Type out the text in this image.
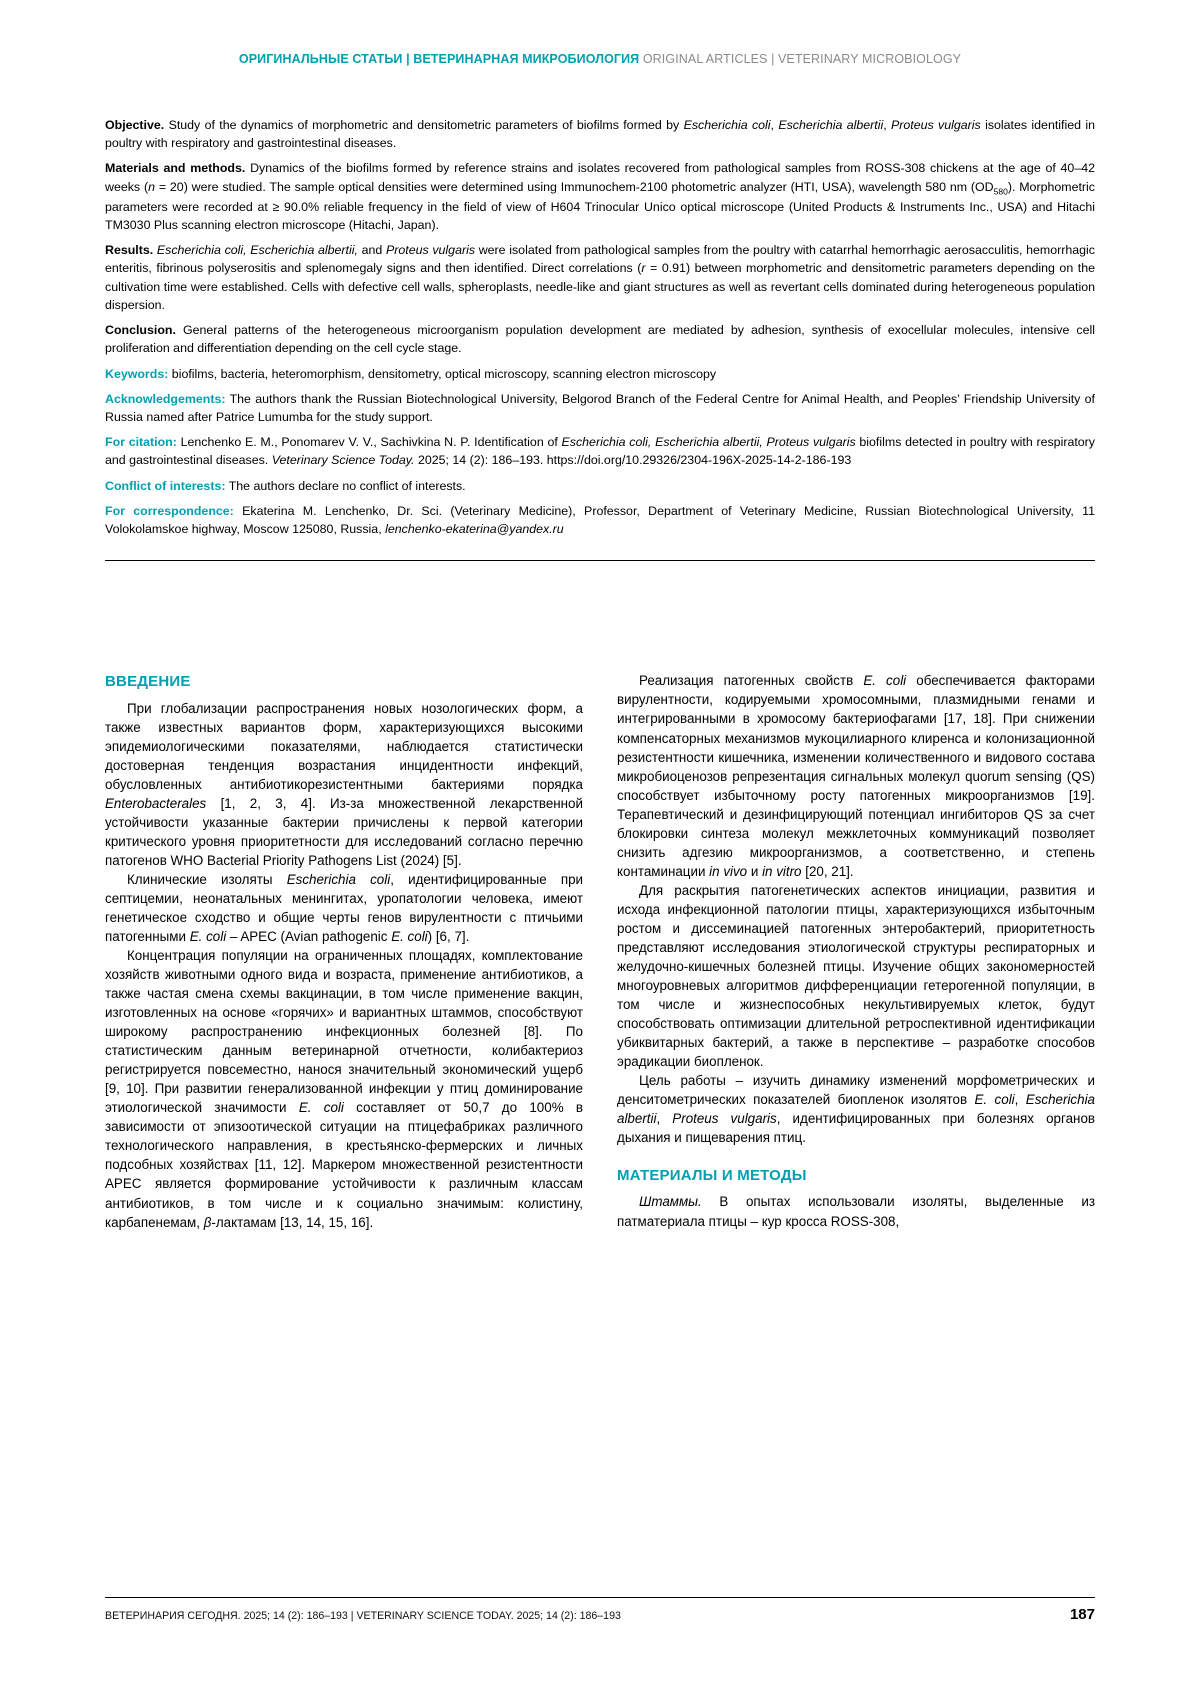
ОРИГИНАЛЬНЫЕ СТАТЬИ | ВЕТЕРИНАРНАЯ МИКРОБИОЛОГИЯ ORIGINAL ARTICLES | VETERINARY MICROBIOLOGY

Objective. Study of the dynamics of morphometric and densitometric parameters of biofilms formed by Escherichia coli, Escherichia albertii, Proteus vulgaris isolates identified in poultry with respiratory and gastrointestinal diseases.

Materials and methods. Dynamics of the biofilms formed by reference strains and isolates recovered from pathological samples from ROSS-308 chickens at the age of 40–42 weeks (n = 20) were studied. The sample optical densities were determined using Immunochem-2100 photometric analyzer (HTI, USA), wavelength 580 nm $(OD_{580})$. Morphometric parameters were recorded at ≥ 90.0% reliable frequency in the field of view of H604 Trinocular Unico optical microscope (United Products & Instruments Inc., USA) and Hitachi TM3030 Plus scanning electron microscope (Hitachi, Japan).

Results. Escherichia coli, Escherichia albertii, and Proteus vulgaris were isolated from pathological samples from the poultry with catarrhal hemorrhagic aerosacculitis, hemorrhagic enteritis, fibrinous polyserositis and splenomegaly signs and then identified. Direct correlations (r = 0.91) between morphometric and densitometric parameters depending on the cultivation time were established. Cells with defective cell walls, spheroplasts, needle-like and giant structures as well as revertant cells dominated during heterogeneous population dispersion.

Conclusion. General patterns of the heterogeneous microorganism population development are mediated by adhesion, synthesis of exocellular molecules, intensive cell proliferation and differentiation depending on the cell cycle stage.

Keywords: biofilms, bacteria, heteromorphism, densitometry, optical microscopy, scanning electron microscopy

Acknowledgements: The authors thank the Russian Biotechnological University, Belgorod Branch of the Federal Centre for Animal Health, and Peoples’ Friendship University of Russia named after Patrice Lumumba for the study support.

For citation: Lenchenko E. M., Ponomarev V. V., Sachivkina N. P. Identification of Escherichia coli, Escherichia albertii, Proteus vulgaris biofilms detected in poultry with respiratory and gastrointestinal diseases. Veterinary Science Today. 2025; 14 (2): 186–193. https://doi.org/10.29326/2304-196X-2025-14-2-186-193

Conflict of interests: The authors declare no conflict of interests.

For correspondence: Ekaterina M. Lenchenko, Dr. Sci. (Veterinary Medicine), Professor, Department of Veterinary Medicine, Russian Biotechnological University, 11 Volokolamskoe highway, Moscow 125080, Russia, lenchenko-ekaterina@yandex.ru

ВВЕДЕНИЕ

При глобализации распространения новых нозологических форм, а также известных вариантов форм, характеризующихся высокими эпидемиологическими показателями, наблюдается статистически достоверная тенденция возрастания инцидентности инфекций, обусловленных антибиотикорезистентными бактериями порядка Enterobacterales [1, 2, 3, 4]. Из-за множественной лекарственной устойчивости указанные бактерии причислены к первой категории критического уровня приоритетности для исследований согласно перечню патогенов WHO Bacterial Priority Pathogens List (2024) [5].

Клинические изоляты Escherichia coli, идентифицированные при септицемии, неонатальных менингитах, уропатологии человека, имеют генетическое сходство и общие черты генов вирулентности с птичьими патогенными E. coli – APEC (Avian pathogenic E. coli) [6, 7].

Концентрация популяции на ограниченных площадях, комплектование хозяйств животными одного вида и возраста, применение антибиотиков, а также частая смена схемы вакцинации, в том числе применение вакцин, изготовленных на основе «горячих» и вариантных штаммов, способствуют широкому распространению инфекционных болезней [8]. По статистическим данным ветеринарной отчетности, колибактериоз регистрируется повсеместно, нанося значительный экономический ущерб [9, 10]. При развитии генерализованной инфекции у птиц доминирование этиологической значимости E. coli составляет от 50,7 до 100% в зависимости от эпизоотической ситуации на птицефабриках различного технологического направления, в крестьянско-фермерских и личных подсобных хозяйствах [11, 12]. Маркером множественной резистентности APEC является формирование устойчивости к различным классам антибиотиков, в том числе и к социально значимым: колистину, карбапенемам, β-лактамам [13, 14, 15, 16].

Реализация патогенных свойств E. coli обеспечивается факторами вирулентности, кодируемыми хромосомными, плазмидными генами и интегрированными в хромосому бактериофагами [17, 18]. При снижении компенсаторных механизмов мукоцилиарного клиренса и колонизационной резистентности кишечника, изменении количественного и видового состава микробиоценозов репрезентация сигнальных молекул quorum sensing (QS) способствует избыточному росту патогенных микроорганизмов [19]. Терапевтический и дезинфицирующий потенциал ингибиторов QS за счет блокировки синтеза молекул межклеточных коммуникаций позволяет снизить адгезию микроорганизмов, а соответственно, и степень контаминации in vivo и in vitro [20, 21].

Для раскрытия патогенетических аспектов инициации, развития и исхода инфекционной патологии птицы, характеризующихся избыточным ростом и диссеминацией патогенных энтеробактерий, приоритетность представляют исследования этиологической структуры респираторных и желудочно-кишечных болезней птицы. Изучение общих закономерностей многоуровневых алгоритмов дифференциации гетерогенной популяции, в том числе и жизнеспособных некультивируемых клеток, будут способствовать оптимизации длительной ретроспективной идентификации убиквитарных бактерий, а также в перспективе – разработке способов эрадикации биопленок.

Цель работы – изучить динамику изменений морфометрических и денситометрических показателей биопленок изолятов E. coli, Escherichia albertii, Proteus vulgaris, идентифицированных при болезнях органов дыхания и пищеварения птиц.

МАТЕРИАЛЫ И МЕТОДЫ

Штаммы. В опытах использовали изоляты, выделенные из патматериала птицы – кур кросса ROSS-308,

ВЕТЕРИНАРИЯ СЕГОДНЯ. 2025; 14 (2): 186–193 | VETERINARY SCIENCE TODAY. 2025; 14 (2): 186–193	187
